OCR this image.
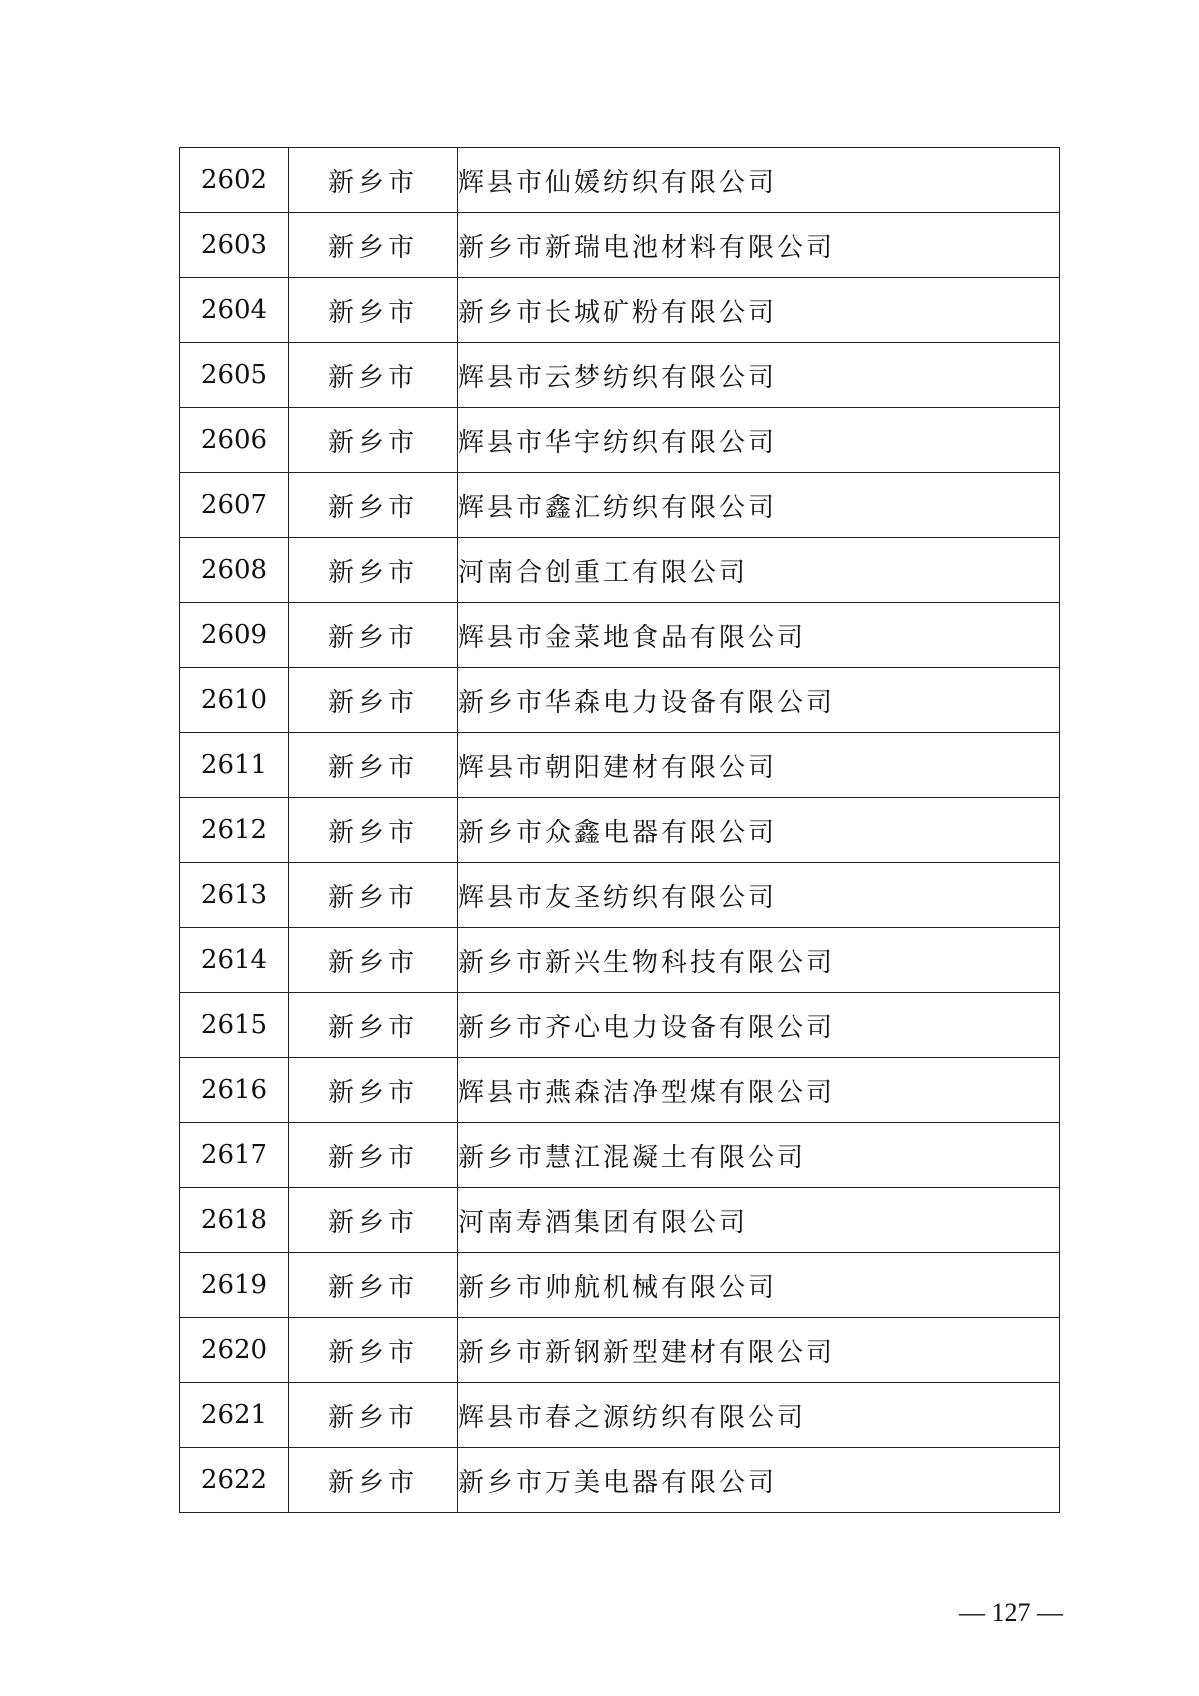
2602	新乡市	辉县市仙媛纺织有限公司
2603	新乡市	新乡市新瑞电池材料有限公司
2604	新乡市	新乡市长城矿粉有限公司
2605	新乡市	辉县市云梦纺织有限公司
2606	新乡市	辉县市华宇纺织有限公司
2607	新乡市	辉县市鑫汇纺织有限公司
2608	新乡市	河南合创重工有限公司
2609	新乡市	辉县市金菜地食品有限公司
2610	新乡市	新乡市华森电力设备有限公司
2611	新乡市	辉县市朝阳建材有限公司
2612	新乡市	新乡市众鑫电器有限公司
2613	新乡市	辉县市友圣纺织有限公司
2614	新乡市	新乡市新兴生物科技有限公司
2615	新乡市	新乡市齐心电力设备有限公司
2616	新乡市	辉县市燕森洁净型煤有限公司
2617	新乡市	新乡市慧江混凝土有限公司
2618	新乡市	河南寿酒集团有限公司
2619	新乡市	新乡市帅航机械有限公司
2620	新乡市	新乡市新钢新型建材有限公司
2621	新乡市	辉县市春之源纺织有限公司
2622	新乡市	新乡市万美电器有限公司
— 127 —
